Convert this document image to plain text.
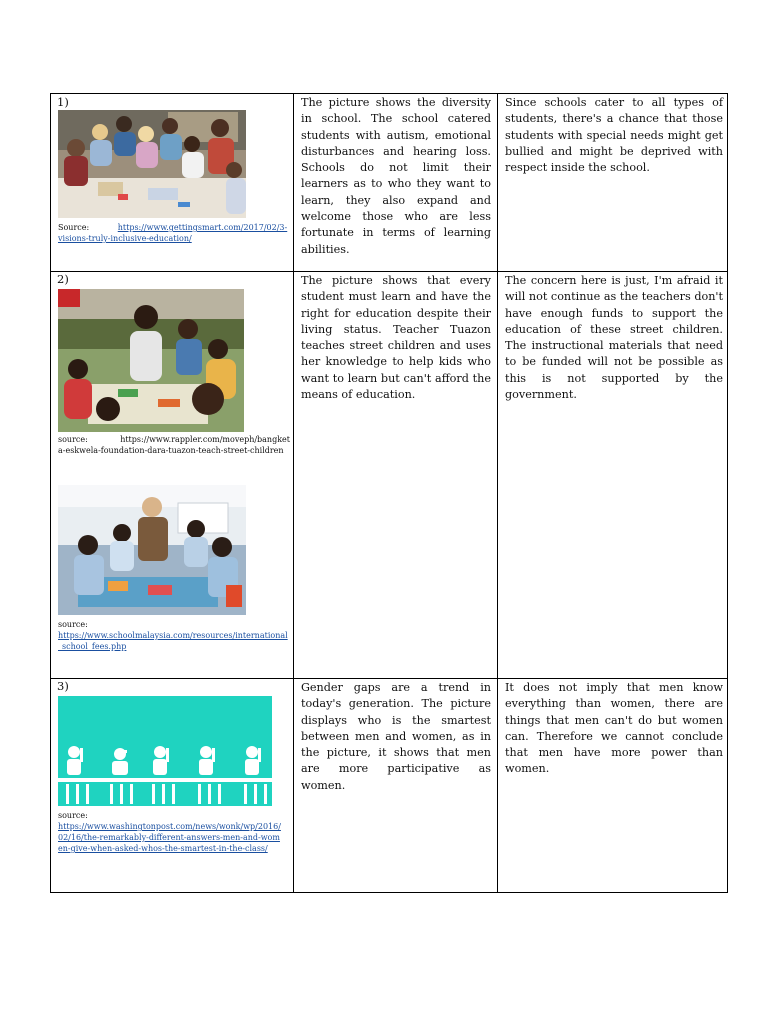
1)
Source:	https://www.gettingsmart.com/2017/02/3-visions-truly-inclusive-education/
The picture shows the diversity in school. The school catered students with autism, emotional disturbances and hearing loss. Schools do not limit their learners as to who they want to learn, they also expand and welcome those who are less fortunate in terms of learning abilities.
Since schools cater to all types of students, there's a chance that those students with special needs might get bullied and might be deprived with respect inside the school.
2)
source:	https://www.rappler.com/moveph/bangketa-eskwela-foundation-dara-tuazon-teach-street-children
source:
https://www.schoolmalaysia.com/resources/international_school_fees.php
The picture shows that every student must learn and have the right for education despite their living status. Teacher Tuazon teaches street children and uses her knowledge to help kids who want to learn but can't afford the means of education.
The concern here is just, I'm afraid it will not continue as the teachers don't have enough funds to support the education of these street children. The instructional materials that need to be funded will not be possible as this is not supported by the government.
3)
source:
https://www.washingtonpost.com/news/wonk/wp/2016/02/16/the-remarkably-different-answers-men-and-women-give-when-asked-whos-the-smartest-in-the-class/
Gender gaps are a trend in today's generation. The picture displays who is the smartest between men and women, as in the picture, it shows that men are more participative as women.
It does not imply that men know everything than women, there are things that men can't do but women can. Therefore we cannot conclude that men have more power than women.
